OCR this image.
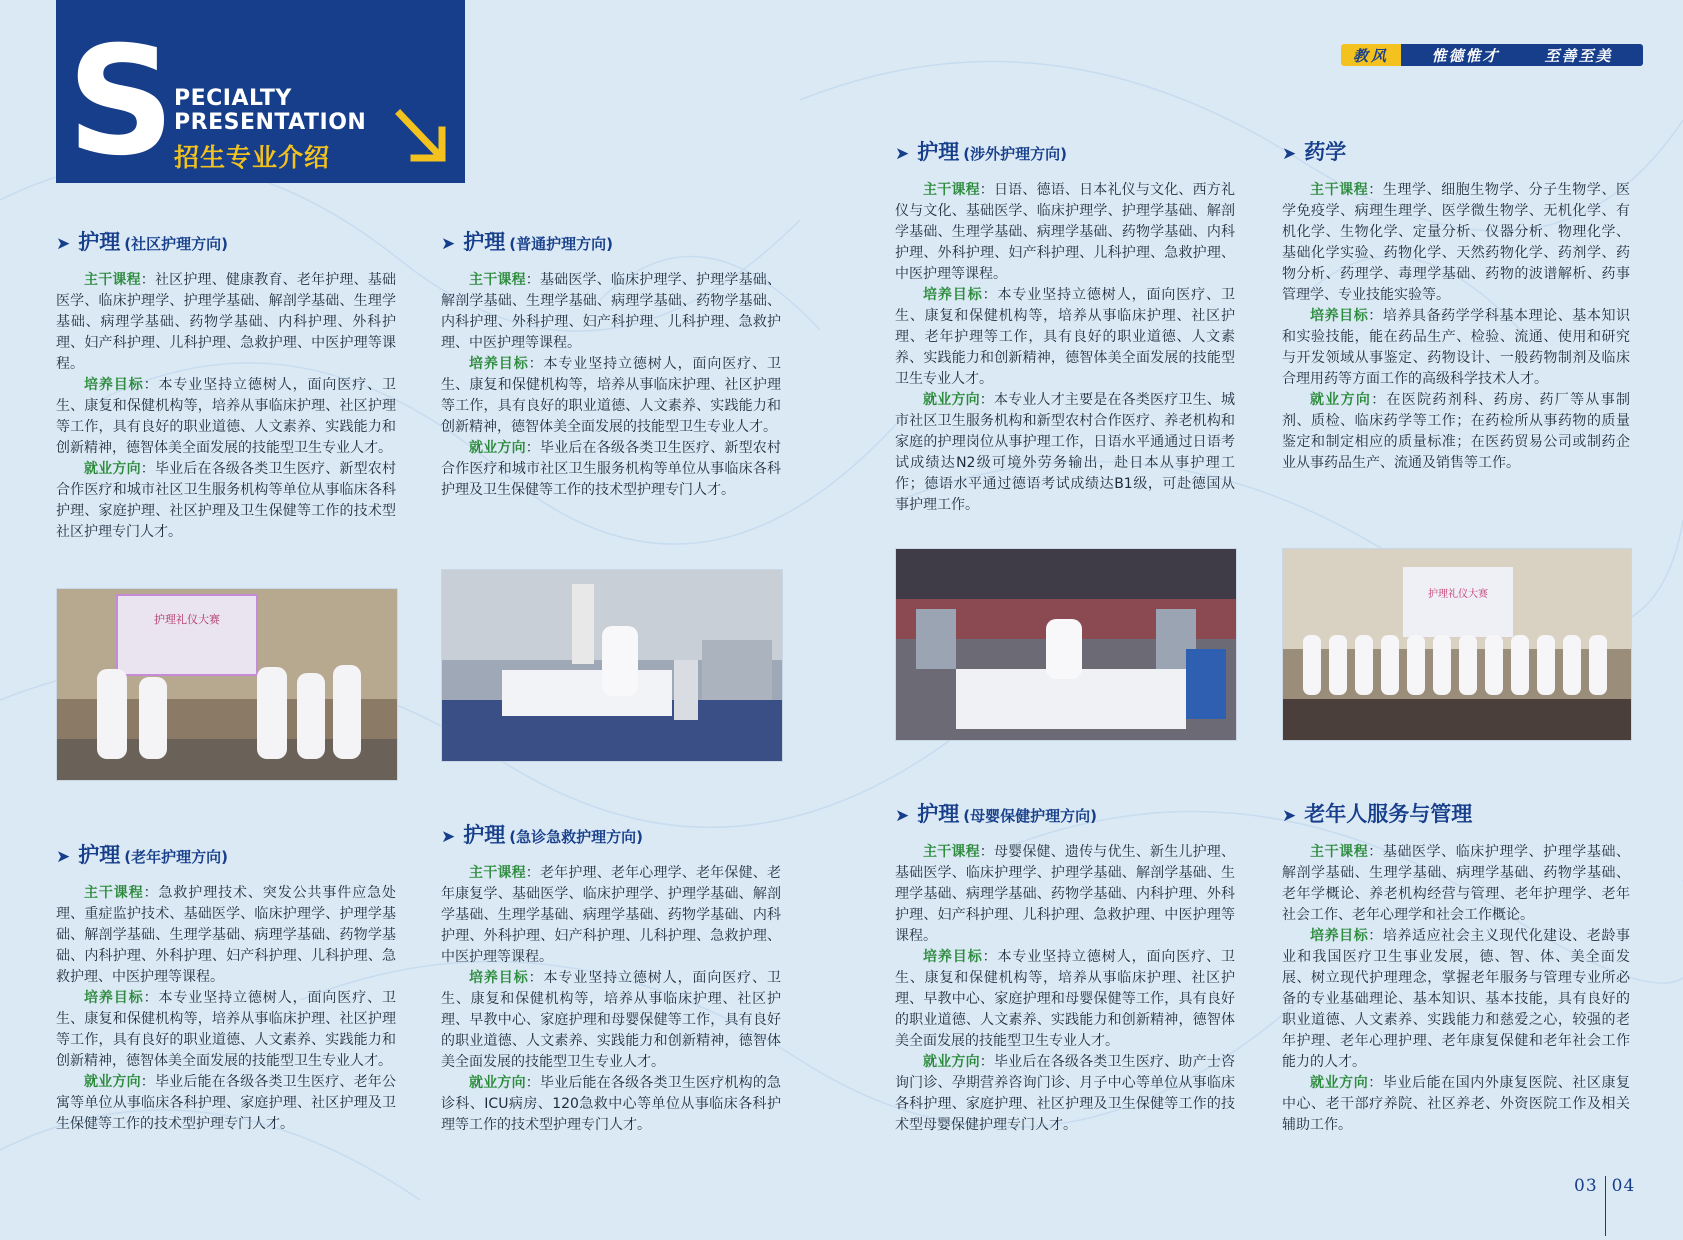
S
PECIALTY
PRESENTATION
招生专业介绍
教风	惟德惟才	至善至美
➤ 护理 (社区护理方向)

主干课程：社区护理、健康教育、老年护理、基础医学、临床护理学、护理学基础、解剖学基础、生理学基础、病理学基础、药物学基础、内科护理、外科护理、妇产科护理、儿科护理、急救护理、中医护理等课程。

培养目标：本专业坚持立德树人，面向医疗、卫生、康复和保健机构等，培养从事临床护理、社区护理等工作，具有良好的职业道德、人文素养、实践能力和创新精神，德智体美全面发展的技能型卫生专业人才。

就业方向：毕业后在各级各类卫生医疗、新型农村合作医疗和城市社区卫生服务机构等单位从事临床各科护理、家庭护理、社区护理及卫生保健等工作的技术型社区护理专门人才。

➤ 护理 (普通护理方向)

主干课程：基础医学、临床护理学、护理学基础、解剖学基础、生理学基础、病理学基础、药物学基础、内科护理、外科护理、妇产科护理、儿科护理、急救护理、中医护理等课程。

培养目标：本专业坚持立德树人，面向医疗、卫生、康复和保健机构等，培养从事临床护理、社区护理等工作，具有良好的职业道德、人文素养、实践能力和创新精神，德智体美全面发展的技能型卫生专业人才。

就业方向：毕业后在各级各类卫生医疗、新型农村合作医疗和城市社区卫生服务机构等单位从事临床各科护理及卫生保健等工作的技术型护理专门人才。

➤ 护理 (涉外护理方向)

主干课程：日语、德语、日本礼仪与文化、西方礼仪与文化、基础医学、临床护理学、护理学基础、解剖学基础、生理学基础、病理学基础、药物学基础、内科护理、外科护理、妇产科护理、儿科护理、急救护理、中医护理等课程。

培养目标：本专业坚持立德树人，面向医疗、卫生、康复和保健机构等，培养从事临床护理、社区护理、老年护理等工作，具有良好的职业道德、人文素养、实践能力和创新精神，德智体美全面发展的技能型卫生专业人才。

就业方向：本专业人才主要是在各类医疗卫生、城市社区卫生服务机构和新型农村合作医疗、养老机构和家庭的护理岗位从事护理工作，日语水平通通过日语考试成绩达N2级可境外劳务输出，赴日本从事护理工作；德语水平通过德语考试成绩达B1级，可赴德国从事护理工作。

➤ 药学

主干课程：生理学、细胞生物学、分子生物学、医学免疫学、病理生理学、医学微生物学、无机化学、有机化学、生物化学、定量分析、仪器分析、物理化学、基础化学实验、药物化学、天然药物化学、药剂学、药物分析、药理学、毒理学基础、药物的波谱解析、药事管理学、专业技能实验等。

培养目标：培养具备药学学科基本理论、基本知识和实验技能，能在药品生产、检验、流通、使用和研究与开发领域从事鉴定、药物设计、一般药物制剂及临床合理用药等方面工作的高级科学技术人才。

就业方向：在医院药剂科、药房、药厂等从事制剂、质检、临床药学等工作；在药检所从事药物的质量鉴定和制定相应的质量标准；在医药贸易公司或制药企业从事药品生产、流通及销售等工作。

护理礼仪大赛
护理礼仪大赛
➤ 护理 (老年护理方向)

主干课程：急救护理技术、突发公共事件应急处理、重症监护技术、基础医学、临床护理学、护理学基础、解剖学基础、生理学基础、病理学基础、药物学基础、内科护理、外科护理、妇产科护理、儿科护理、急救护理、中医护理等课程。

培养目标：本专业坚持立德树人，面向医疗、卫生、康复和保健机构等，培养从事临床护理、社区护理等工作，具有良好的职业道德、人文素养、实践能力和创新精神，德智体美全面发展的技能型卫生专业人才。

就业方向：毕业后能在各级各类卫生医疗、老年公寓等单位从事临床各科护理、家庭护理、社区护理及卫生保健等工作的技术型护理专门人才。

➤ 护理 (急诊急救护理方向)

主干课程：老年护理、老年心理学、老年保健、老年康复学、基础医学、临床护理学、护理学基础、解剖学基础、生理学基础、病理学基础、药物学基础、内科护理、外科护理、妇产科护理、儿科护理、急救护理、中医护理等课程。

培养目标：本专业坚持立德树人，面向医疗、卫生、康复和保健机构等，培养从事临床护理、社区护理、早教中心、家庭护理和母婴保健等工作，具有良好的职业道德、人文素养、实践能力和创新精神，德智体美全面发展的技能型卫生专业人才。

就业方向：毕业后能在各级各类卫生医疗机构的急诊科、ICU病房、120急救中心等单位从事临床各科护理等工作的技术型护理专门人才。

➤ 护理 (母婴保健护理方向)

主干课程：母婴保健、遗传与优生、新生儿护理、基础医学、临床护理学、护理学基础、解剖学基础、生理学基础、病理学基础、药物学基础、内科护理、外科护理、妇产科护理、儿科护理、急救护理、中医护理等课程。

培养目标：本专业坚持立德树人，面向医疗、卫生、康复和保健机构等，培养从事临床护理、社区护理、早教中心、家庭护理和母婴保健等工作，具有良好的职业道德、人文素养、实践能力和创新精神，德智体美全面发展的技能型卫生专业人才。

就业方向：毕业后在各级各类卫生医疗、助产士咨询门诊、孕期营养咨询门诊、月子中心等单位从事临床各科护理、家庭护理、社区护理及卫生保健等工作的技术型母婴保健护理专门人才。

➤ 老年人服务与管理

主干课程：基础医学、临床护理学、护理学基础、解剖学基础、生理学基础、病理学基础、药物学基础、老年学概论、养老机构经营与管理、老年护理学、老年社会工作、老年心理学和社会工作概论。

培养目标：培养适应社会主义现代化建设、老龄事业和我国医疗卫生事业发展，德、智、体、美全面发展、树立现代护理理念，掌握老年服务与管理专业所必备的专业基础理论、基本知识、基本技能，具有良好的职业道德、人文素养、实践能力和慈爱之心，较强的老年护理、老年心理护理、老年康复保健和老年社会工作能力的人才。

就业方向：毕业后能在国内外康复医院、社区康复中心、老干部疗养院、社区养老、外资医院工作及相关辅助工作。

03 04
